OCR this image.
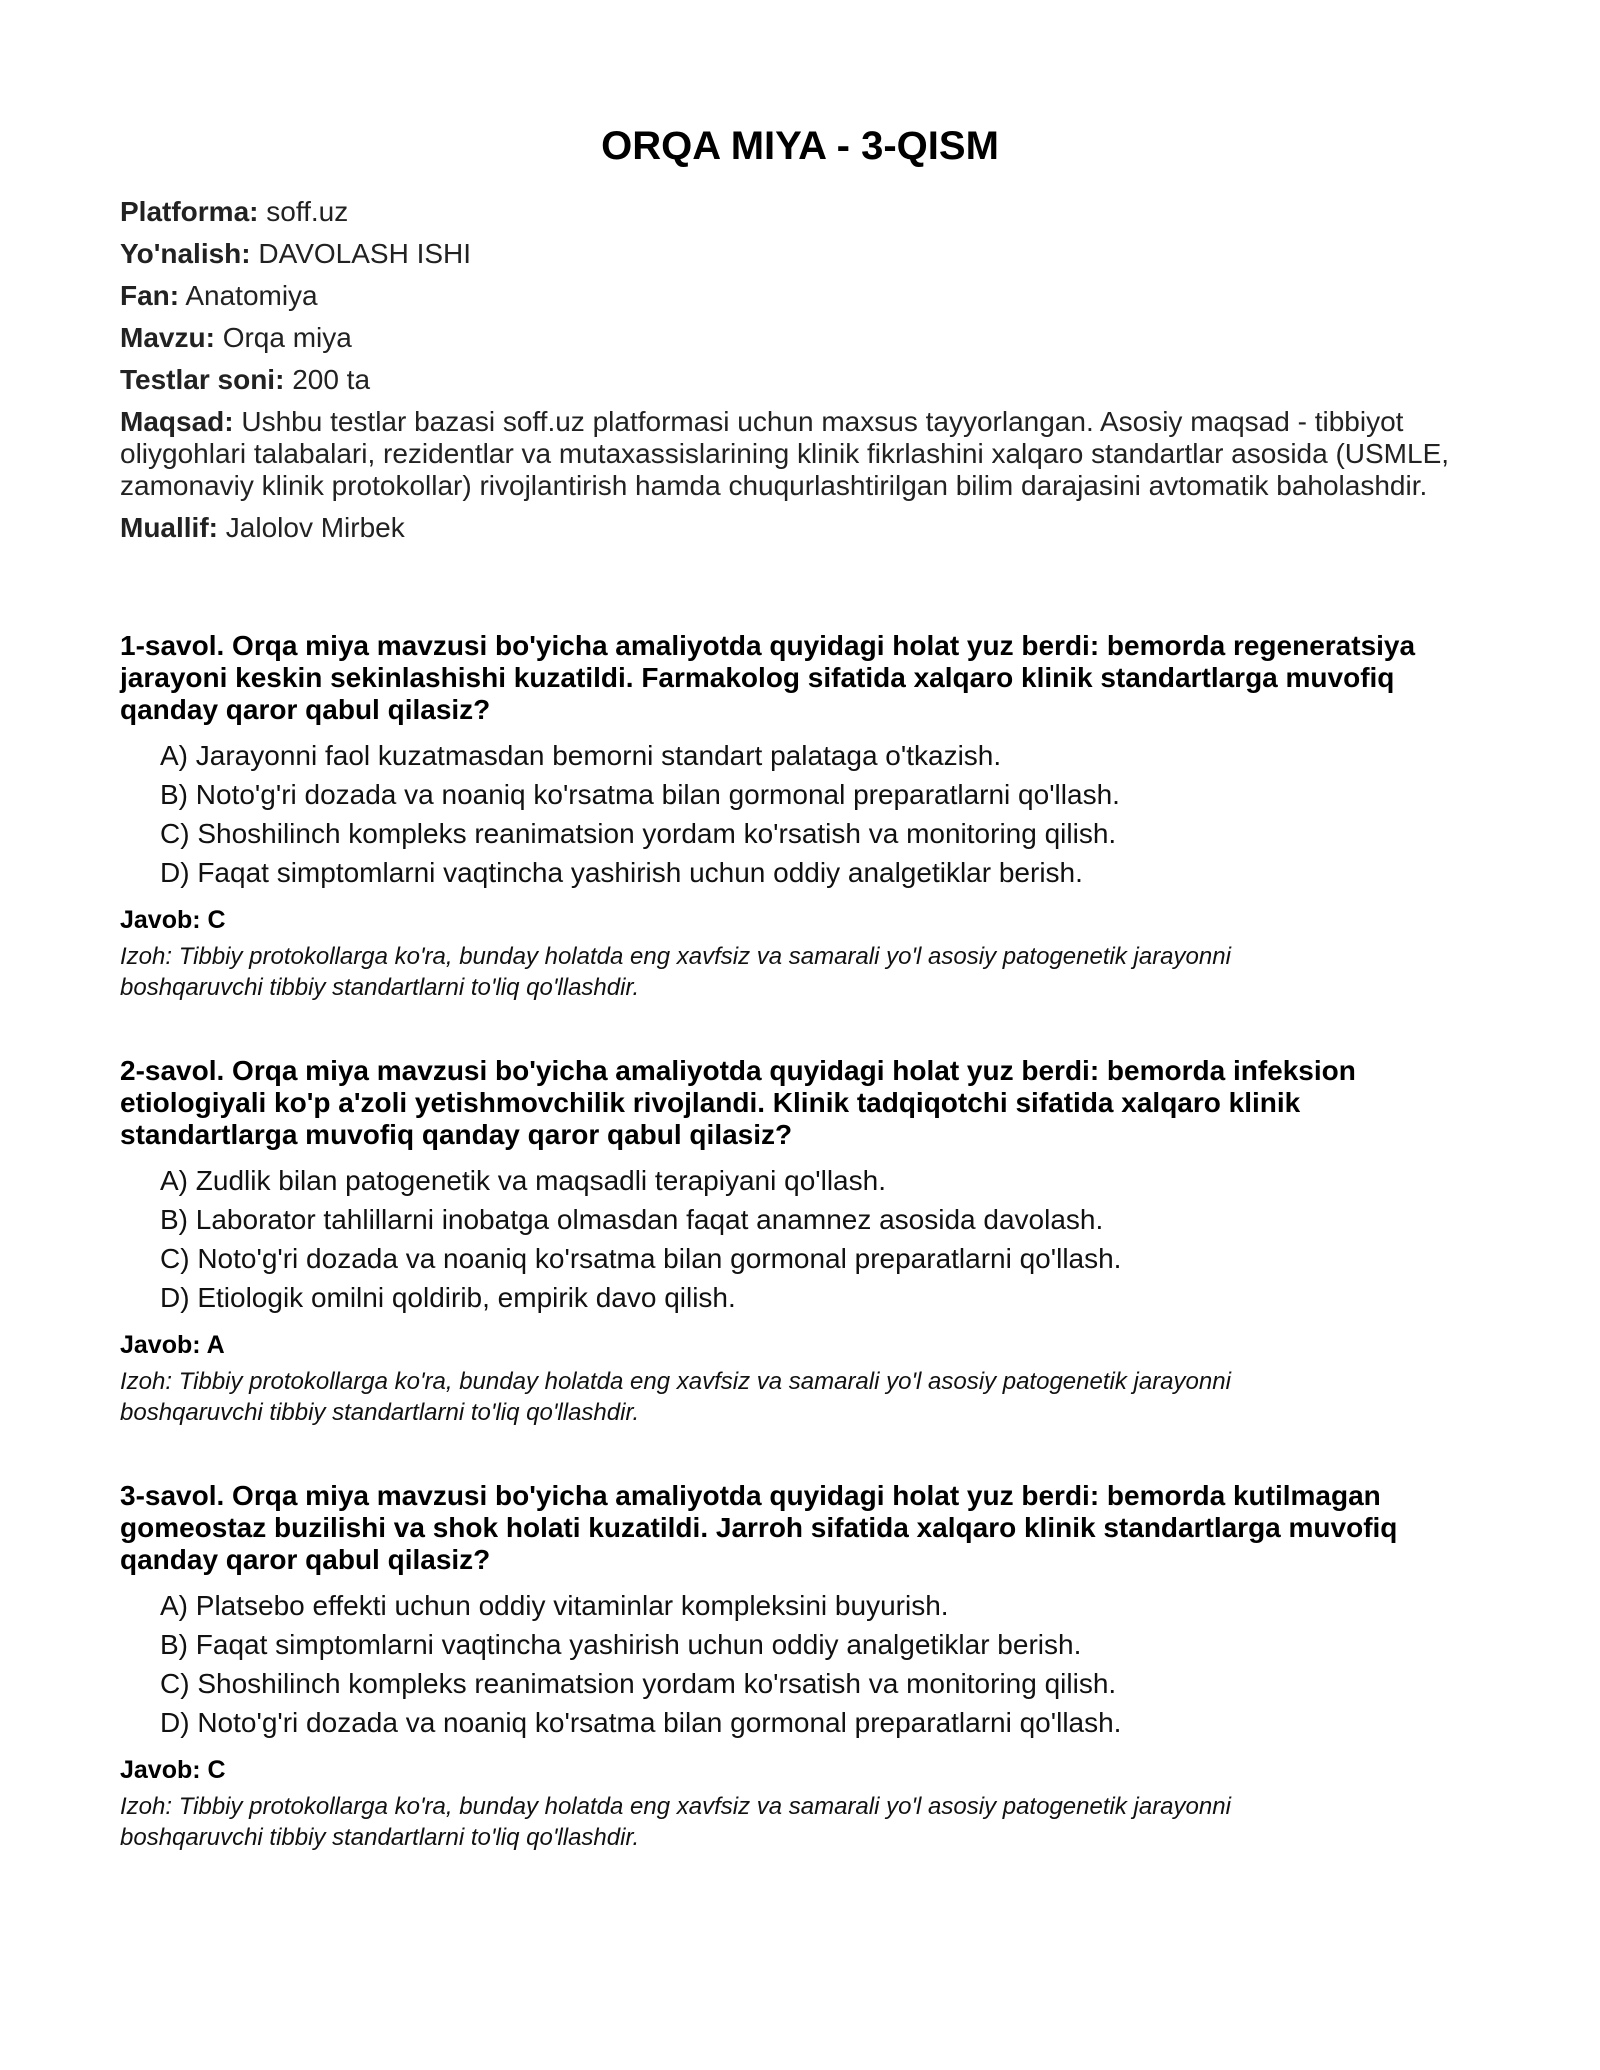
ORQA MIYA - 3-QISM
Platforma: soff.uz
Yo'nalish: DAVOLASH ISHI
Fan: Anatomiya
Mavzu: Orqa miya
Testlar soni: 200 ta
Maqsad: Ushbu testlar bazasi soff.uz platformasi uchun maxsus tayyorlangan. Asosiy maqsad - tibbiyot oliygohlari talabalari, rezidentlar va mutaxassislarining klinik fikrlashini xalqaro standartlar asosida (USMLE, zamonaviy klinik protokollar) rivojlantirish hamda chuqurlashtirilgan bilim darajasini avtomatik baholashdir.
Muallif: Jalolov Mirbek

1-savol. Orqa miya mavzusi bo'yicha amaliyotda quyidagi holat yuz berdi: bemorda regeneratsiya jarayoni keskin sekinlashishi kuzatildi. Farmakolog sifatida xalqaro klinik standartlarga muvofiq qanday qaror qabul qilasiz?

A) Jarayonni faol kuzatmasdan bemorni standart palataga o'tkazish.
B) Noto'g'ri dozada va noaniq ko'rsatma bilan gormonal preparatlarni qo'llash.
C) Shoshilinch kompleks reanimatsion yordam ko'rsatish va monitoring qilish.
D) Faqat simptomlarni vaqtincha yashirish uchun oddiy analgetiklar berish.
Javob: C
Izoh: Tibbiy protokollarga ko'ra, bunday holatda eng xavfsiz va samarali yo'l asosiy patogenetik jarayonni boshqaruvchi tibbiy standartlarni to'liq qo'llashdir.

2-savol. Orqa miya mavzusi bo'yicha amaliyotda quyidagi holat yuz berdi: bemorda infeksion etiologiyali ko'p a'zoli yetishmovchilik rivojlandi. Klinik tadqiqotchi sifatida xalqaro klinik standartlarga muvofiq qanday qaror qabul qilasiz?

A) Zudlik bilan patogenetik va maqsadli terapiyani qo'llash.
B) Laborator tahlillarni inobatga olmasdan faqat anamnez asosida davolash.
C) Noto'g'ri dozada va noaniq ko'rsatma bilan gormonal preparatlarni qo'llash.
D) Etiologik omilni qoldirib, empirik davo qilish.
Javob: A
Izoh: Tibbiy protokollarga ko'ra, bunday holatda eng xavfsiz va samarali yo'l asosiy patogenetik jarayonni boshqaruvchi tibbiy standartlarni to'liq qo'llashdir.

3-savol. Orqa miya mavzusi bo'yicha amaliyotda quyidagi holat yuz berdi: bemorda kutilmagan gomeostaz buzilishi va shok holati kuzatildi. Jarroh sifatida xalqaro klinik standartlarga muvofiq qanday qaror qabul qilasiz?

A) Platsebo effekti uchun oddiy vitaminlar kompleksini buyurish.
B) Faqat simptomlarni vaqtincha yashirish uchun oddiy analgetiklar berish.
C) Shoshilinch kompleks reanimatsion yordam ko'rsatish va monitoring qilish.
D) Noto'g'ri dozada va noaniq ko'rsatma bilan gormonal preparatlarni qo'llash.
Javob: C
Izoh: Tibbiy protokollarga ko'ra, bunday holatda eng xavfsiz va samarali yo'l asosiy patogenetik jarayonni boshqaruvchi tibbiy standartlarni to'liq qo'llashdir.
